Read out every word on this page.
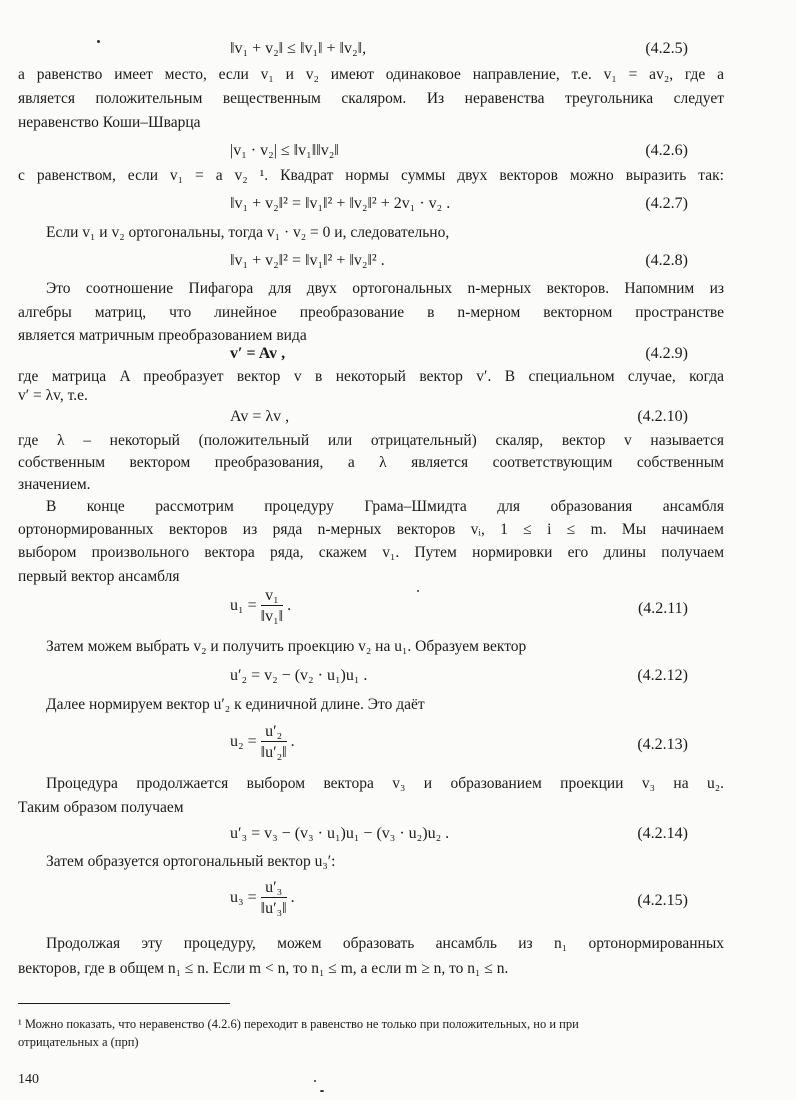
‖v₁ + v₂‖ ≤ ‖v₁‖ + ‖v₂‖,	(4.2.5)
а равенство имеет место, если v₁ и v₂ имеют одинаковое направление, т.е. v₁ = av₂, где a
является положительным вещественным скаляром. Из неравенства треугольника следует
неравенство Коши–Шварца
|v₁ · v₂| ≤ ‖v₁‖‖v₂‖	(4.2.6)
с равенством, если v₁ = a v₂ ¹. Квадрат нормы суммы двух векторов можно выразить так:
‖v₁ + v₂‖² = ‖v₁‖² + ‖v₂‖² + 2v₁ · v₂ .	(4.2.7)
Если v₁ и v₂ ортогональны, тогда v₁ · v₂ = 0 и, следовательно,
‖v₁ + v₂‖² = ‖v₁‖² + ‖v₂‖² .	(4.2.8)
Это соотношение Пифагора для двух ортогональных n-мерных векторов. Напомним из
алгебры матриц, что линейное преобразование в n-мерном векторном пространстве
является матричным преобразованием вида
v′ = Av ,	(4.2.9)
где матрица A преобразует вектор v в некоторый вектор v′. В специальном случае, когда
v′ = λv, т.е.
Av = λv ,	(4.2.10)
где λ – некоторый (положительный или отрицательный) скаляр, вектор v называется
собственным вектором преобразования, а λ является соответствующим собственным
значением.
В конце рассмотрим процедуру Грама–Шмидта для образования ансамбля
ортонормированных векторов из ряда n-мерных векторов vᵢ, 1 ≤ i ≤ m. Мы начинаем
выбором произвольного вектора ряда, скажем v₁. Путем нормировки его длины получаем
первый вектор ансамбля
$u_1 = \frac{\text{v₁}}{\text{‖v₁‖}}$ .	(4.2.11)
Затем можем выбрать v₂ и получить проекцию v₂ на u₁. Образуем вектор
u′₂ = v₂ − (v₂ · u₁)u₁ .	(4.2.12)
Далее нормируем вектор u′₂ к единичной длине. Это даёт
$u_2 = \frac{\text{u′₂}}{\text{‖u′₂‖}}$ .	(4.2.13)
Процедура продолжается выбором вектора v₃ и образованием проекции v₃ на u₂.
Таким образом получаем
u′₃ = v₃ − (v₃ · u₁)u₁ − (v₃ · u₂)u₂ .	(4.2.14)
Затем образуется ортогональный вектор u₃′:
$u_3 = \frac{\text{u′₃}}{\text{‖u′₃‖}}$ .	(4.2.15)
Продолжая эту процедуру, можем образовать ансамбль из n₁ ортонормированных
векторов, где в общем n₁ ≤ n. Если m < n, то n₁ ≤ m, а если m ≥ n, то n₁ ≤ n.
¹ Можно показать, что неравенство (4.2.6) переходит в равенство не только при положительных, но и при
отрицательных a (прп)
140
